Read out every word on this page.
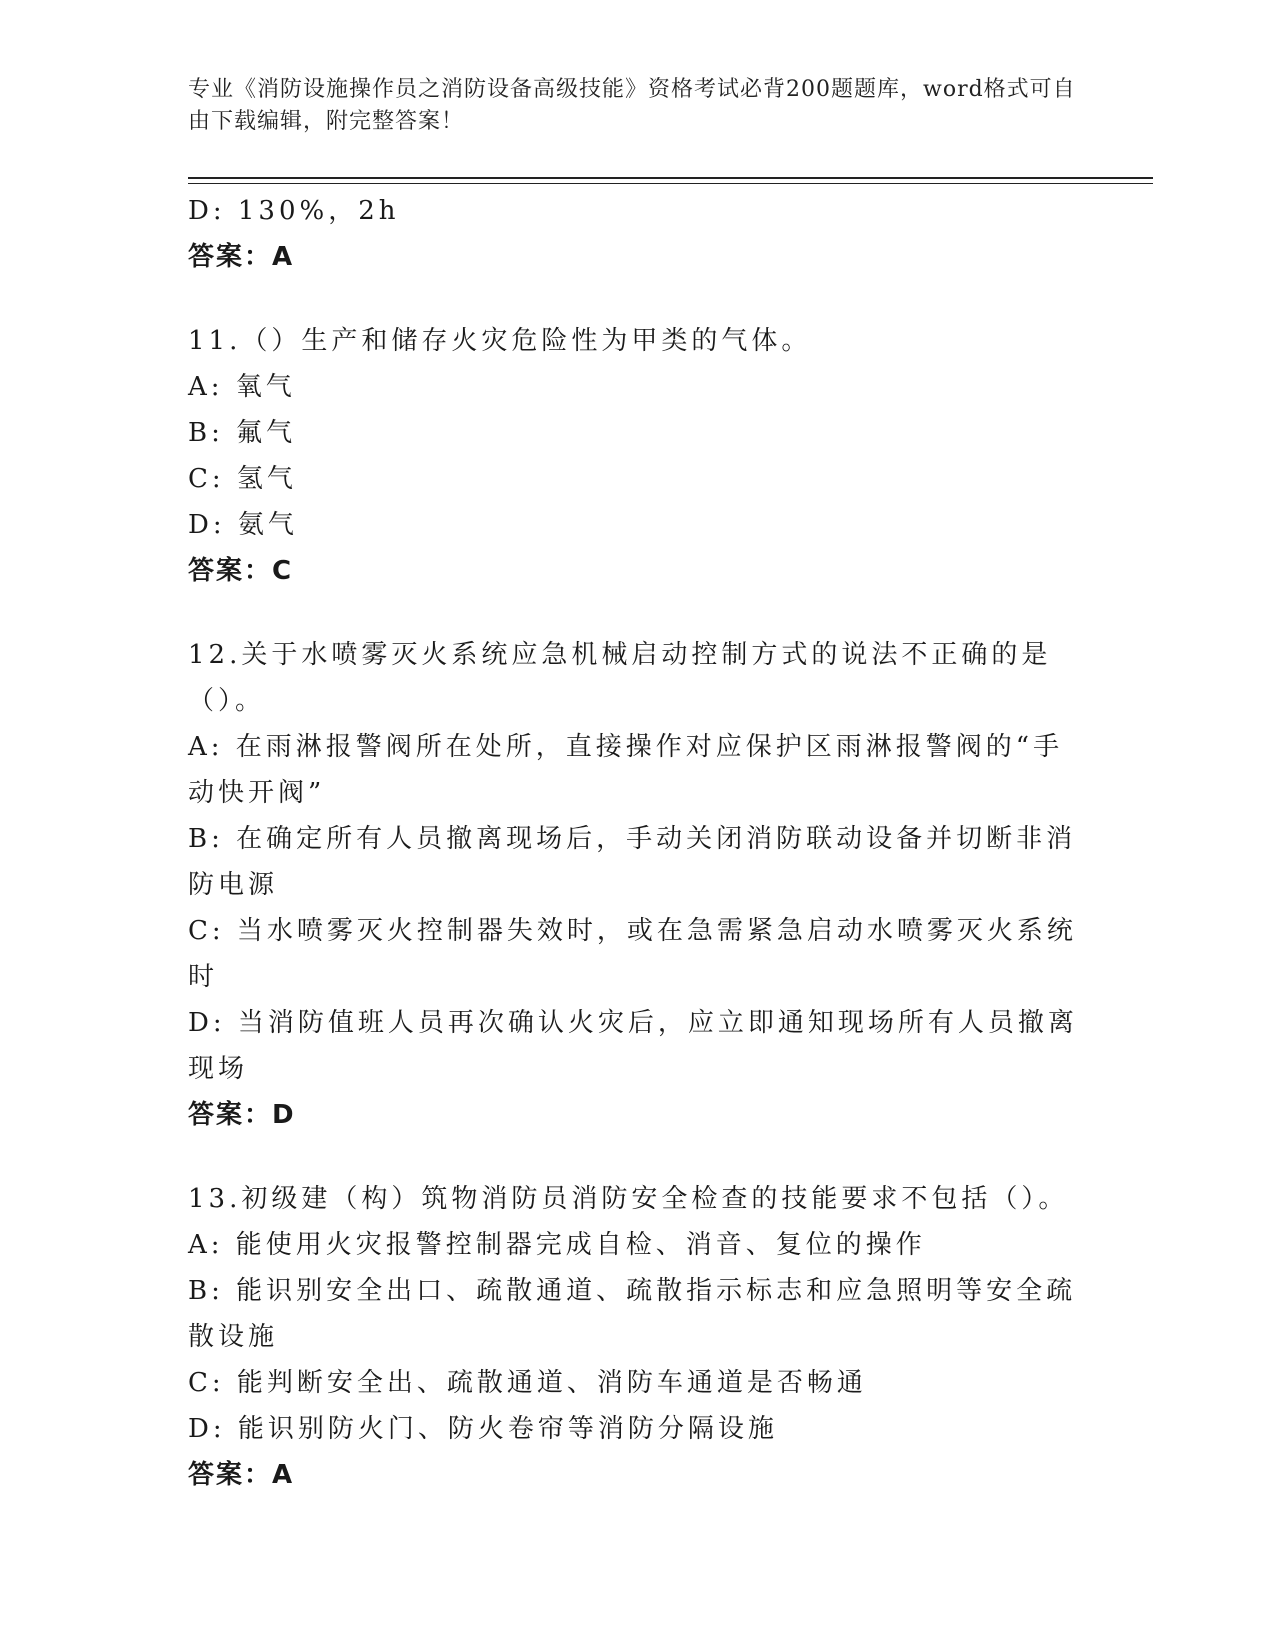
专业《消防设施操作员之消防设备高级技能》资格考试必背200题题库，word格式可自由下载编辑，附完整答案！

D: 130%，2h

答案：A

11.（）生产和储存火灾危险性为甲类的气体。

A: 氧气

B: 氟气

C: 氢气

D: 氨气

答案：C

12.关于水喷雾灭火系统应急机械启动控制方式的说法不正确的是（）。

A: 在雨淋报警阀所在处所，直接操作对应保护区雨淋报警阀的“手动快开阀”

B: 在确定所有人员撤离现场后，手动关闭消防联动设备并切断非消防电源

C: 当水喷雾灭火控制器失效时，或在急需紧急启动水喷雾灭火系统时

D: 当消防值班人员再次确认火灾后，应立即通知现场所有人员撤离现场

答案：D

13.初级建（构）筑物消防员消防安全检查的技能要求不包括（）。

A: 能使用火灾报警控制器完成自检、消音、复位的操作

B: 能识别安全出口、疏散通道、疏散指示标志和应急照明等安全疏散设施

C: 能判断安全出、疏散通道、消防车通道是否畅通

D: 能识别防火门、防火卷帘等消防分隔设施

答案：A
